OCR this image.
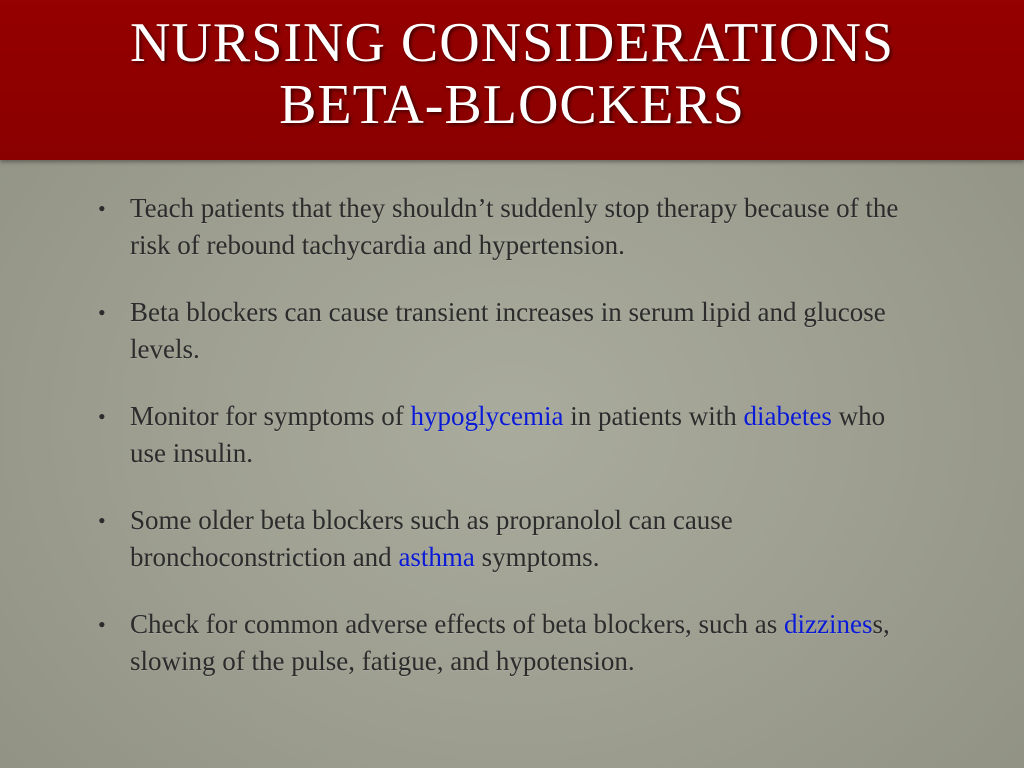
NURSING CONSIDERATIONS
BETA-BLOCKERS
• Teach patients that they shouldn’t suddenly stop therapy because of the risk of rebound tachycardia and hypertension.
• Beta blockers can cause transient increases in serum lipid and glucose levels.
• Monitor for symptoms of hypoglycemia in patients with diabetes who use insulin.
• Some older beta blockers such as propranolol can cause bronchoconstriction and asthma symptoms.
• Check for common adverse effects of beta blockers, such as dizziness, slowing of the pulse, fatigue, and hypotension.
